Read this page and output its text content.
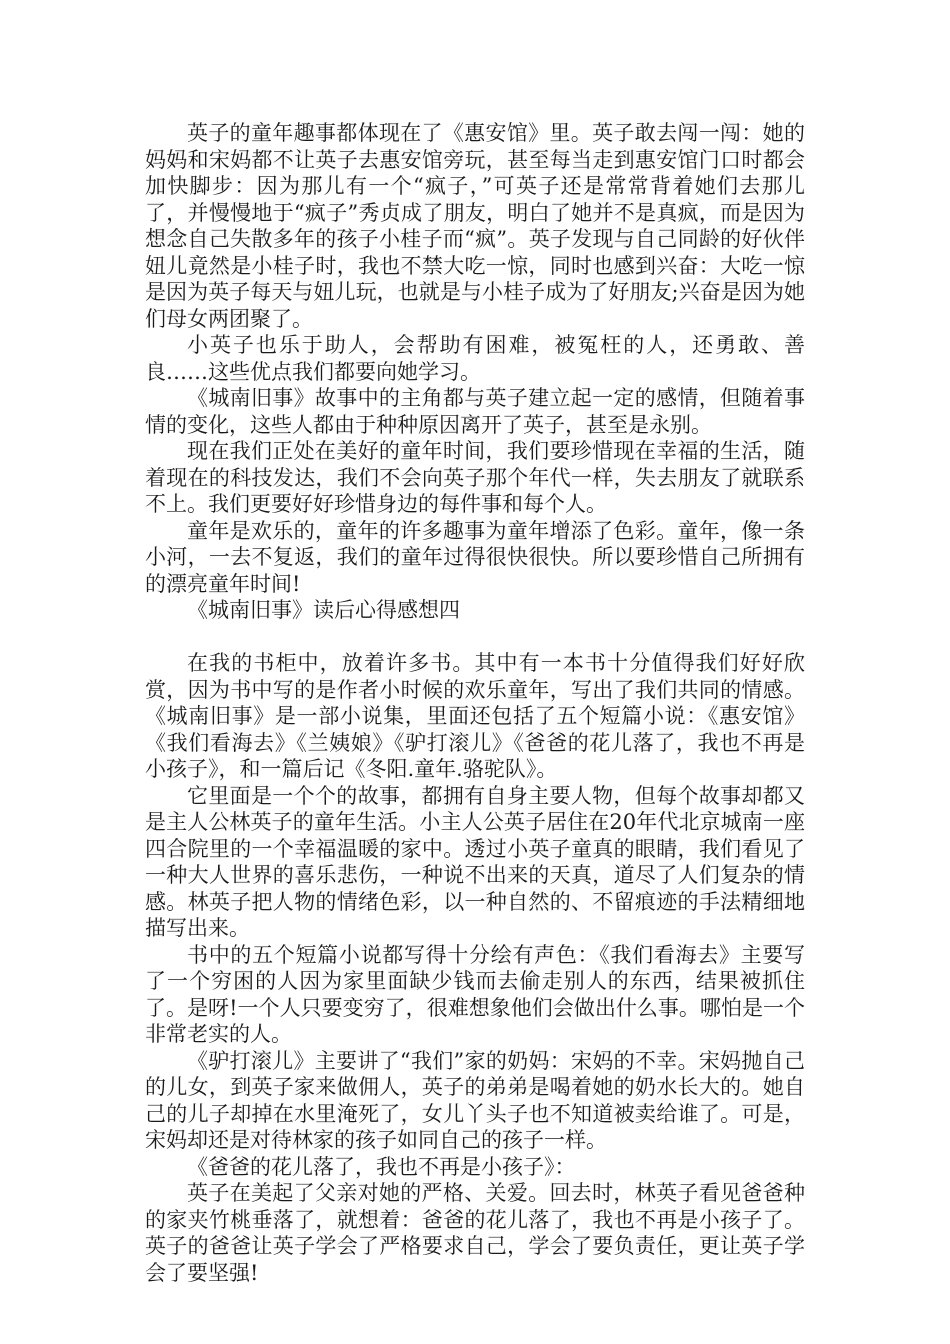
英子的童年趣事都体现在了《惠安馆》里。英子敢去闯一闯：她的妈妈和宋妈都不让英子去惠安馆旁玩，甚至每当走到惠安馆门口时都会加快脚步：因为那儿有一个“疯子，”可英子还是常常背着她们去那儿了，并慢慢地于“疯子”秀贞成了朋友，明白了她并不是真疯，而是因为想念自己失散多年的孩子小桂子而“疯”。英子发现与自己同龄的好伙伴妞儿竟然是小桂子时，我也不禁大吃一惊，同时也感到兴奋：大吃一惊是因为英子每天与妞儿玩，也就是与小桂子成为了好朋友;兴奋是因为她们母女两团聚了。

小英子也乐于助人，会帮助有困难，被冤枉的人，还勇敢、善良……这些优点我们都要向她学习。

《城南旧事》故事中的主角都与英子建立起一定的感情，但随着事情的变化，这些人都由于种种原因离开了英子，甚至是永别。

现在我们正处在美好的童年时间，我们要珍惜现在幸福的生活，随着现在的科技发达，我们不会向英子那个年代一样，失去朋友了就联系不上。我们更要好好珍惜身边的每件事和每个人。

童年是欢乐的，童年的许多趣事为童年增添了色彩。童年，像一条小河，一去不复返，我们的童年过得很快很快。所以要珍惜自己所拥有的漂亮童年时间!

《城南旧事》读后心得感想四

在我的书柜中，放着许多书。其中有一本书十分值得我们好好欣赏，因为书中写的是作者小时候的欢乐童年，写出了我们共同的情感。《城南旧事》是一部小说集，里面还包括了五个短篇小说：《惠安馆》《我们看海去》《兰姨娘》《驴打滚儿》《爸爸的花儿落了，我也不再是小孩子》，和一篇后记《冬阳.童年.骆驼队》。

它里面是一个个的故事，都拥有自身主要人物，但每个故事却都又是主人公林英子的童年生活。小主人公英子居住在20年代北京城南一座四合院里的一个幸福温暖的家中。透过小英子童真的眼睛，我们看见了一种大人世界的喜乐悲伤，一种说不出来的天真，道尽了人们复杂的情感。林英子把人物的情绪色彩，以一种自然的、不留痕迹的手法精细地描写出来。

书中的五个短篇小说都写得十分绘有声色：《我们看海去》主要写了一个穷困的人因为家里面缺少钱而去偷走别人的东西，结果被抓住了。是呀!一个人只要变穷了，很难想象他们会做出什么事。哪怕是一个非常老实的人。

《驴打滚儿》主要讲了“我们”家的奶妈：宋妈的不幸。宋妈抛自己的儿女，到英子家来做佣人，英子的弟弟是喝着她的奶水长大的。她自己的儿子却掉在水里淹死了，女儿丫头子也不知道被卖给谁了。可是，宋妈却还是对待林家的孩子如同自己的孩子一样。

《爸爸的花儿落了，我也不再是小孩子》：

英子在美起了父亲对她的严格、关爱。回去时，林英子看见爸爸种的家夹竹桃垂落了，就想着：爸爸的花儿落了，我也不再是小孩子了。英子的爸爸让英子学会了严格要求自己，学会了要负责任，更让英子学会了要坚强!
